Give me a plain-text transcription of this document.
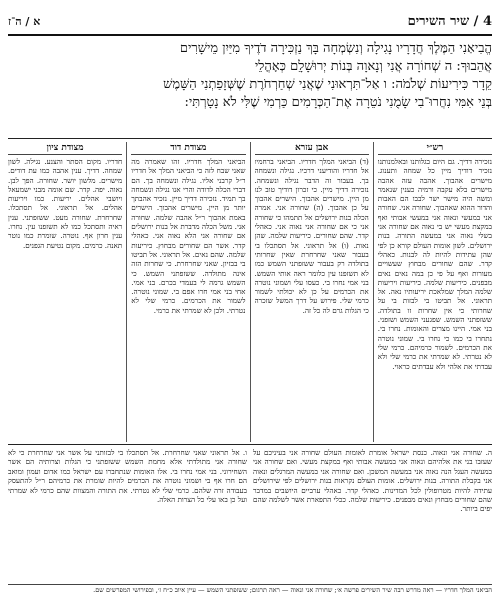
א / ה־ז	4 / שיר השירים
הֱבִיאַנִי הַמֶּלֶךְ חֲדָרָיו נָגִילָה וְנִשְׂמְחָה בָּךְ נַזְכִּירָה דֹדֶיךָ מִיַּיִן מֵישָׁרִים
אֲהֵבוּךָ: ה שְׁחוֹרָה אֲנִי וְנָאוָה בְּנוֹת יְרוּשָׁלָ͏ִם כְּאָהֳלֵי
קֵדָר כִּירִיעוֹת שְׁלֹמֹה: ו אַל־תִּרְאוּנִי שֶׁאֲנִי שְׁחַרְחֹרֶת שֶׁשְּׁזָפַתְנִי הַשָּׁמֶשׁ
בְּנֵי אִמִּי נִחֲרוּ־בִי שָׂמֻנִי נֹטֵרָה אֶת־הַכְּרָמִים כַּרְמִי שֶׁלִּי לֹא נָטָרְתִּי:
רש״י
נזכירה דדיך. גם היום בגלותנו ובאלמנותנו נזכיר דודיך מיין כל שמחה ותענוג. מישרים אהבוך. אהבה עזה אהבה מישרים בלא עקבה ורמיה כענין שנאמר ומשה היה מישר ישר לבבו הם האבות והדור ההוא שאהבוך. שחורה אני. שחורה אני במעשי ונאוה אני במעשי אבותי ואף במקצת מעשי יש בי נאוה אם שחורה אני בשלי נאוה אני במעשה התורה. בנות ירושלים. לשון אומות העולם קורא כן לפי שהן עתידות להיות לה לבנות. כאהלי קדר. שהם שחורים מבחוץ שעשויים מעורות ואף על פי כן במה נאים נאים מבפנים. כיריעות שלמה. כיריעות ויריעות שלמה המלך שמלאכת יריעותיו נאה. אל תראוני. אל תביטו בי לבזות בי על שחרותי כי אין שחרות זו בתולדה. ששזפתני השמש. שפגעני השמש ושזפני. בני אמי. היינו מצרים והאומות. נחרו בי. נתחרו בי כמו כי נחרו בי. שמוני נוטרה את הכרמים. לשמור כרמיהם. כרמי שלי לא נטרתי. לא שמרתי את כרמי שלי ולא עבדתי את אלהי ולא עבדתים כראוי.
אבן עזרא
(ד) הביאני המלך חדריו. הביאני ברחמיו אל חדריו והודיעני דרכיו. נגילה ונשמחה בך. בעבור זה הדבר נגילה ונשמחה. נזכירה דדיך מיין. כי זכרון דודיך טוב לנו מן היין. מישרים אהבוך. הישרים אהבוך על כן אהבוך. (ה) שחורה אני. אמרה הכלה בנות ירושלים אל תתמהו כי שחורה אני כי אם שחורה אני נאוה אני. כאהלי קדר. שהם שחורים. כיריעות שלמה. שהן נאות. (ו) אל תראוני. אל תסתכלו בי בעבור שאני שחרחרת שאין שחרותי בתולדה רק בעבור ששזפתני השמש כמו לא תשזפנו עין כלומר ראה אותי השמש. בני אמי נחרו בי. כעסו עלי ושמוני נוטרה את הכרמים על כן לא יכולתי לשמור כרמי שלי. פירוש על דרך המשל שזכרה כי הגלות גרם לה כל זה.
מצודת דוד
הביאני המלך חדריו. זהו שאמרה מה שאני שבח לזה כי הביאני המלך אל חדריו ר״ל קרבני אליו. נגילה ונשמחה בך. הם דברי הכלה לדודה והרי אנו נגילה ונשמחה בך תמיד. נזכירה דדיך מיין. נזכיר אהבתך יותר מן היין. מישרים אהבוך. הישרים באמת אהבוך ר״ל אהבה שלמה. שחורה אני. משל הכלה מדברת אל בנות ירושלים אם שחורה אני הלא נאוה אני. כאהלי קדר. אשר הם שחורים מבחוץ. כיריעות שלמה. שהם נאים. אל תראוני. אל תביטו בי בבזיון. שאני שחרחרת. כי שחרות הזה אינה מתולדה. ששזפתני השמש. כי השמש גרמה לי בעמדי בכרם. בני אמי. אחי בני אמי חרו אפם בי. שמוני נוטרה. לשמור את הכרמים. כרמי שלי לא נטרתי. ולכן לא שמרתי את כרמי.
מצודת ציון
חדריו. מקום הסתר והצנע. נגילה. לשון שמחה. דדיך. ענין אהבה כמו עת דודים. מישרים. מלשון יושר. שחורה. הפך לבן. נאוה. יפה. קדר. שם אומה מבני ישמעאל ויושבי אהלים. יריעות. כמו ויריעות אהלים. אל תראוני. אל תסתכלו. שחרחרת. שחורה מעט. ששזפתני. ענין ראיה ותסתכל כמו לא תשזפנו עין. נחרו. ענין חרון אף. נוטרה. שומרת כמו נוטר תאנה. כרמים. מקום נטיעת הגפנים.
ה. שחורה אני ונאוה. כנסת ישראל אומרת לאומות העולם שחורה אני בעיניכם על שעזבו בני את אלהיהם ונאוה אני במעשה אבותי ואף במקצת מעשי. ואם שחורה אני במעשה העגל הנה נאוה אני במעשה המשכן. ואם שחורה אני במעשה המרגלים ונאוה אני בקבלת התורה. בנות ירושלים. אומות העולם נקראות בנות ירושלים לפי שירושלים עתידה להיות מטרופולין לכל המדינות. כאהלי קדר. כאהלי ערביים היושבים במדבר שהם שחורים מבחוץ ונאים מבפנים. כיריעות שלמה. ככלי התפארת אשר לשלמה שהם יפים ביותר.
ו. אל תראוני שאני שחרחרת. אל תסתכלו בי לבזותני על אשר אני שחרחרת כי לא שחורה אני מתולדתי אלא מחמת השמש ששזפתני כי הגלות וצרותיה הם אשר השחירוני. בני אמי נחרו בי. אלו האומות שנתחברו עם ישראל כמו אדום ועמון ומואב הם חרו אף בי ושמוני נוטרה את הכרמים להיות שומרת את כרמיהם ר״ל להתעסק בעבודה זרה שלהם. כרמי שלי לא נטרתי. את התורה והמצוות שהם כרמי לא שמרתי ועל כן באו עלי כל הצרות האלה.
הביאני המלך חדריו — ראה מדרש רבה שיר השירים פרשה א׳; שחורה אני ונאוה — ראה תרגום; ששזפתני השמש — עיין איוב כ״ח ז׳, ובפירושי המפרשים שם.
